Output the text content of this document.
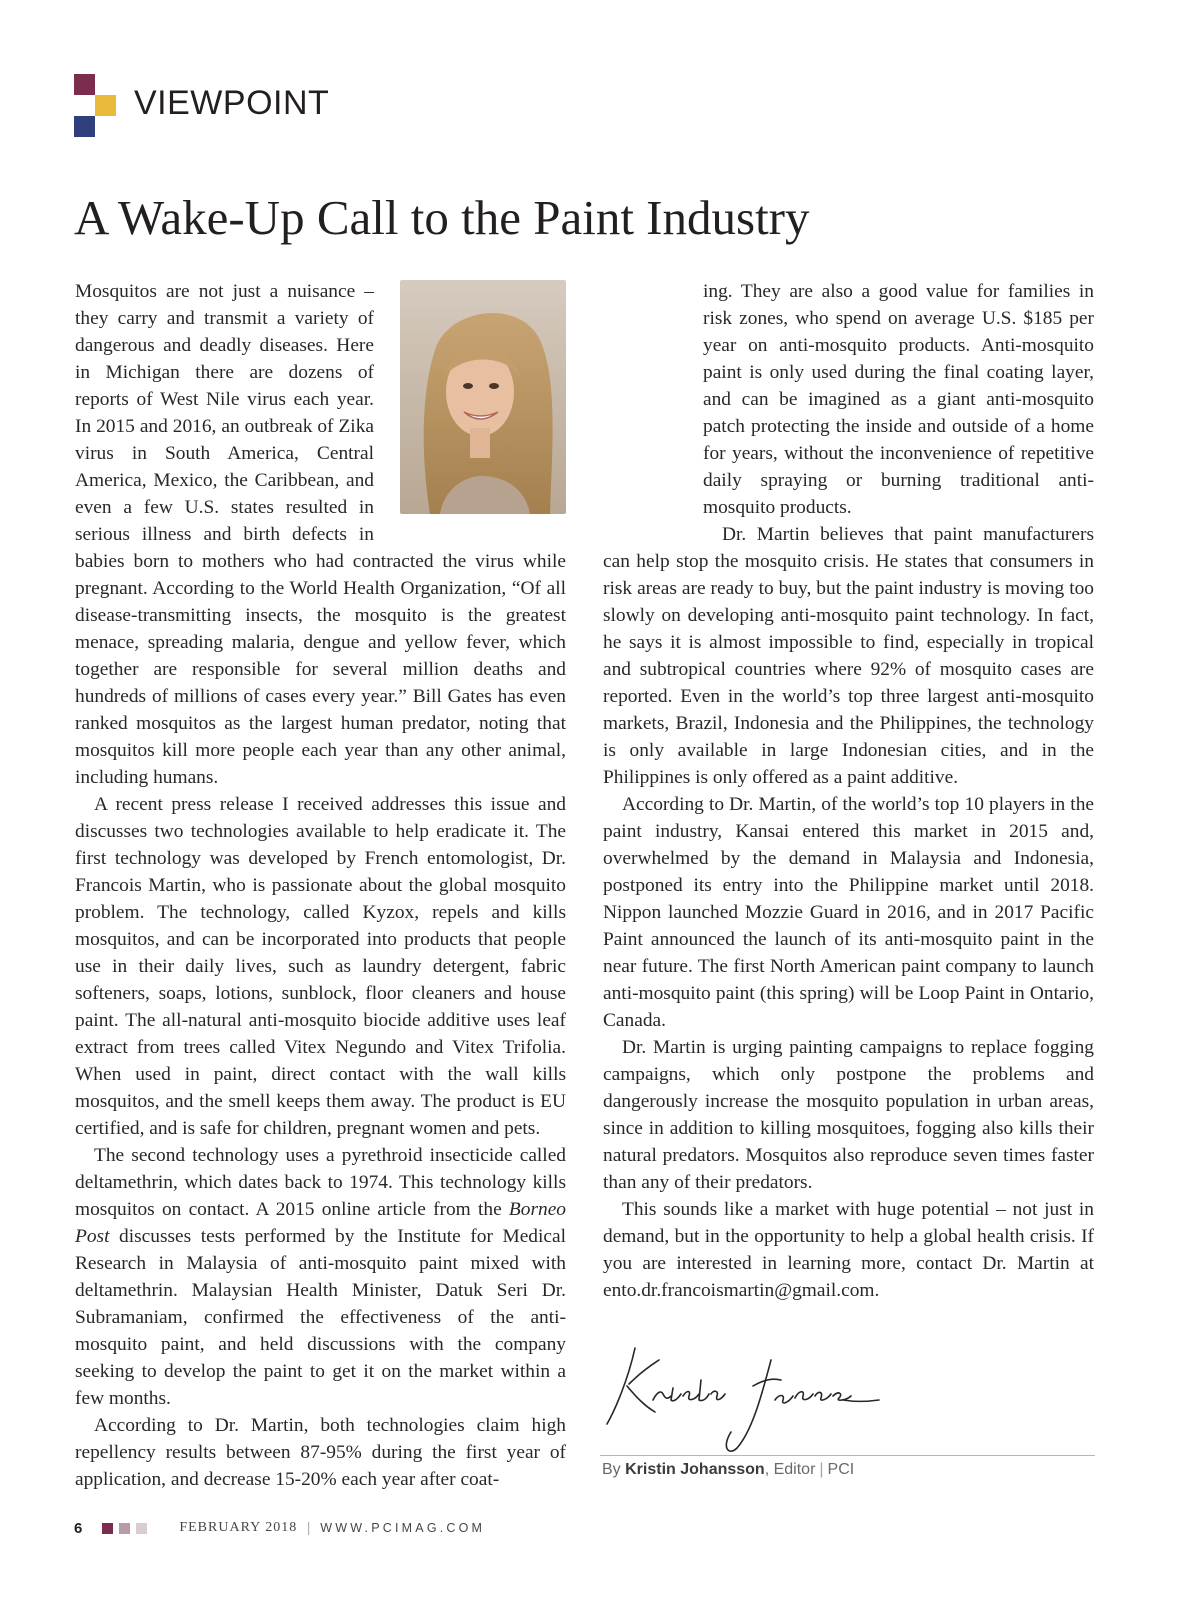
VIEWPOINT
A Wake-Up Call to the Paint Industry

Mosquitos are not just a nuisance – they carry and transmit a variety of dangerous and deadly diseases. Here in Michigan there are dozens of reports of West Nile virus each year. In 2015 and 2016, an outbreak of Zika virus in South America, Central America, Mexico, the Caribbean, and even a few U.S. states resulted in serious illness and birth defects in babies born to mothers who had contracted the virus while pregnant. According to the World Health Organization, “Of all disease-transmitting insects, the mosquito is the greatest menace, spreading malaria, dengue and yellow fever, which together are responsible for several million deaths and hundreds of millions of cases every year.” Bill Gates has even ranked mosquitos as the largest human predator, noting that mosquitos kill more people each year than any other animal, including humans.

A recent press release I received addresses this issue and discusses two technologies available to help eradicate it. The first technology was developed by French entomologist, Dr. Francois Martin, who is passionate about the global mosquito problem. The technology, called Kyzox, repels and kills mosquitos, and can be incorporated into products that people use in their daily lives, such as laundry detergent, fabric softeners, soaps, lotions, sunblock, floor cleaners and house paint. The all-natural anti-mosquito biocide additive uses leaf extract from trees called Vitex Negundo and Vitex Trifolia. When used in paint, direct contact with the wall kills mosquitos, and the smell keeps them away. The product is EU certified, and is safe for children, pregnant women and pets.

The second technology uses a pyrethroid insecticide called deltamethrin, which dates back to 1974. This technology kills mosquitos on contact. A 2015 online article from the Borneo Post discusses tests performed by the Institute for Medical Research in Malaysia of anti-mosquito paint mixed with deltamethrin. Malaysian Health Minister, Datuk Seri Dr. Subramaniam, confirmed the effectiveness of the anti-mosquito paint, and held discussions with the company seeking to develop the paint to get it on the market within a few months.

According to Dr. Martin, both technologies claim high repellency results between 87-95% during the first year of application, and decrease 15-20% each year after coat-

ing. They are also a good value for families in risk zones, who spend on average U.S. $185 per year on anti-mosquito products. Anti-mosquito paint is only used during the final coating layer, and can be imagined as a giant anti-mosquito patch protecting the inside and outside of a home for years, without the inconvenience of repetitive daily spraying or burning traditional anti-mosquito products.

Dr. Martin believes that paint manufacturers can help stop the mosquito crisis. He states that consumers in risk areas are ready to buy, but the paint industry is moving too slowly on developing anti-mosquito paint technology. In fact, he says it is almost impossible to find, especially in tropical and subtropical countries where 92% of mosquito cases are reported. Even in the world’s top three largest anti-mosquito markets, Brazil, Indonesia and the Philippines, the technology is only available in large Indonesian cities, and in the Philippines is only offered as a paint additive.

According to Dr. Martin, of the world’s top 10 players in the paint industry, Kansai entered this market in 2015 and, overwhelmed by the demand in Malaysia and Indonesia, postponed its entry into the Philippine market until 2018. Nippon launched Mozzie Guard in 2016, and in 2017 Pacific Paint announced the launch of its anti-mosquito paint in the near future. The first North American paint company to launch anti-mosquito paint (this spring) will be Loop Paint in Ontario, Canada.

Dr. Martin is urging painting campaigns to replace fogging campaigns, which only postpone the problems and dangerously increase the mosquito population in urban areas, since in addition to killing mosquitoes, fogging also kills their natural predators. Mosquitos also reproduce seven times faster than any of their predators.

This sounds like a market with huge potential – not just in demand, but in the opportunity to help a global health crisis. If you are interested in learning more, contact Dr. Martin at ento.dr.francoismartin@gmail.com.

By Kristin Johansson, Editor | PCI
6	FEBRUARY 2018 | WWW.PCIMAG.COM
